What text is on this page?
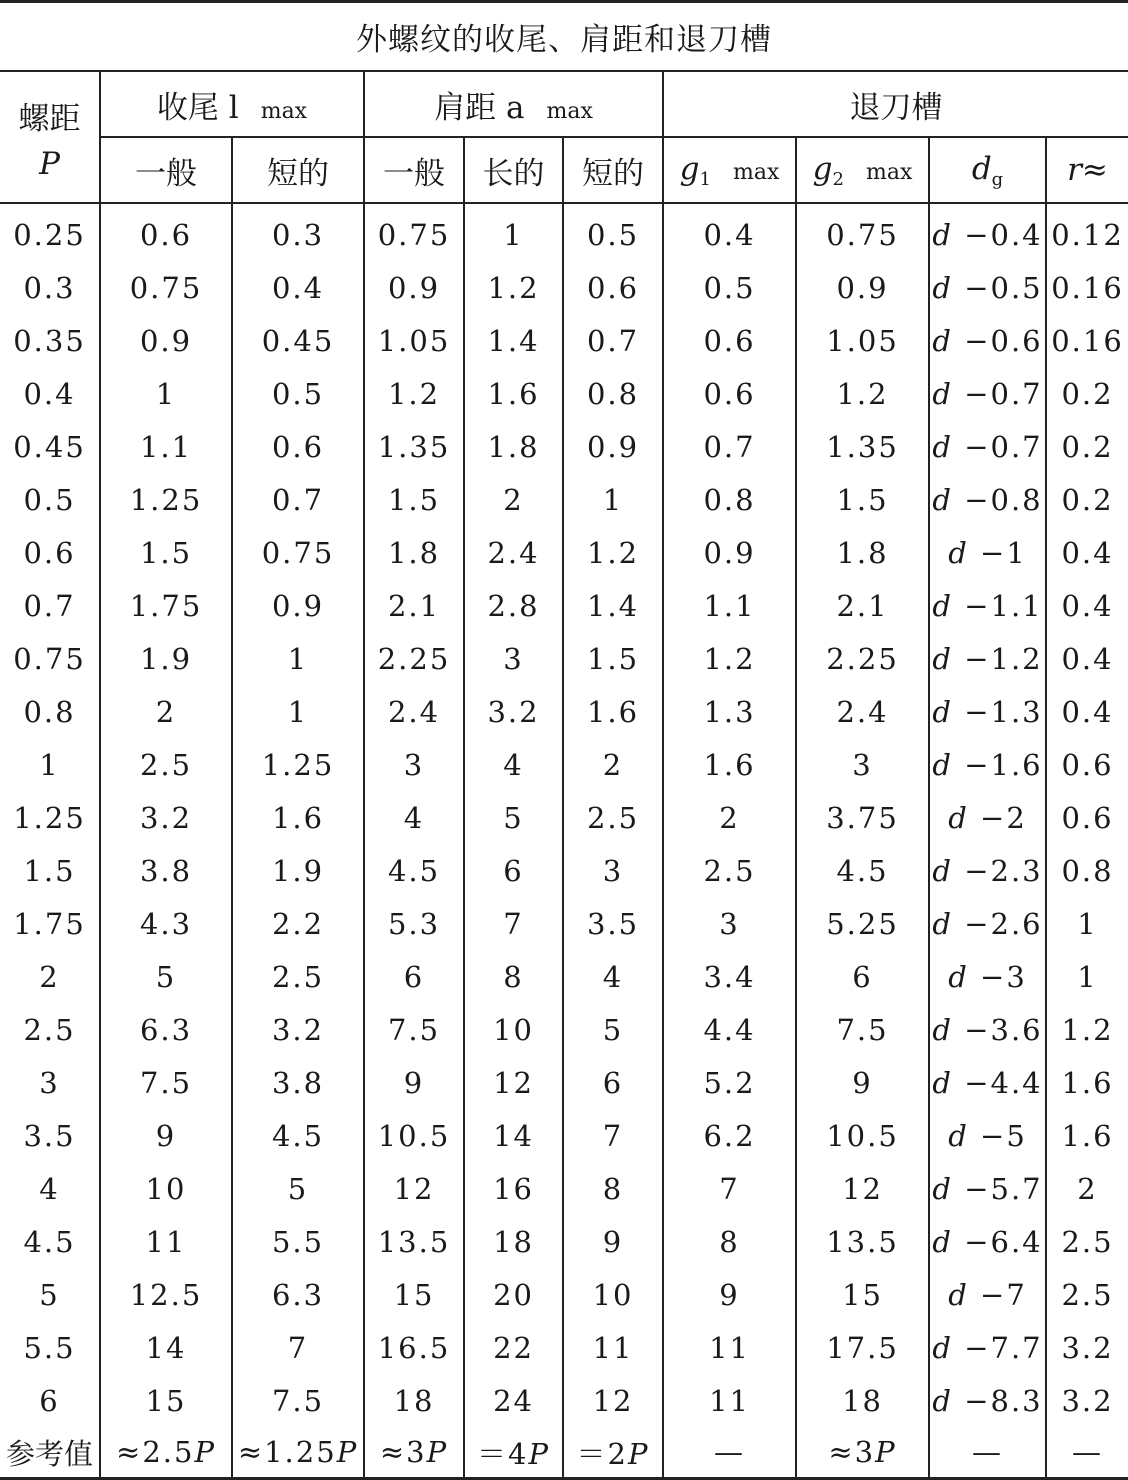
外螺纹的收尾、肩距和退刀槽
螺距
P	收尾 l max		肩距 a max			退刀槽			
	一般	短的	一般	长的	短的	$g_1$ max	$g_2$ max	$d_g$	r≈
0.25	0.6	0.3	0.75	1	0.5	0.4	0.75	d −0.4	0.12
0.3	0.75	0.4	0.9	1.2	0.6	0.5	0.9	d −0.5	0.16
0.35	0.9	0.45	1.05	1.4	0.7	0.6	1.05	d −0.6	0.16
0.4	1	0.5	1.2	1.6	0.8	0.6	1.2	d −0.7	0.2
0.45	1.1	0.6	1.35	1.8	0.9	0.7	1.35	d −0.7	0.2
0.5	1.25	0.7	1.5	2	1	0.8	1.5	d −0.8	0.2
0.6	1.5	0.75	1.8	2.4	1.2	0.9	1.8	d −1	0.4
0.7	1.75	0.9	2.1	2.8	1.4	1.1	2.1	d −1.1	0.4
0.75	1.9	1	2.25	3	1.5	1.2	2.25	d −1.2	0.4
0.8	2	1	2.4	3.2	1.6	1.3	2.4	d −1.3	0.4
1	2.5	1.25	3	4	2	1.6	3	d −1.6	0.6
1.25	3.2	1.6	4	5	2.5	2	3.75	d −2	0.6
1.5	3.8	1.9	4.5	6	3	2.5	4.5	d −2.3	0.8
1.75	4.3	2.2	5.3	7	3.5	3	5.25	d −2.6	1
2	5	2.5	6	8	4	3.4	6	d −3	1
2.5	6.3	3.2	7.5	10	5	4.4	7.5	d −3.6	1.2
3	7.5	3.8	9	12	6	5.2	9	d −4.4	1.6
3.5	9	4.5	10.5	14	7	6.2	10.5	d −5	1.6
4	10	5	12	16	8	7	12	d −5.7	2
4.5	11	5.5	13.5	18	9	8	13.5	d −6.4	2.5
5	12.5	6.3	15	20	10	9	15	d −7	2.5
5.5	14	7	16.5	22	11	11	17.5	d −7.7	3.2
6	15	7.5	18	24	12	11	18	d −8.3	3.2
参考值	≈2.5P	≈1.25P	≈3P	＝4P	＝2P	—	≈3P	—	—
